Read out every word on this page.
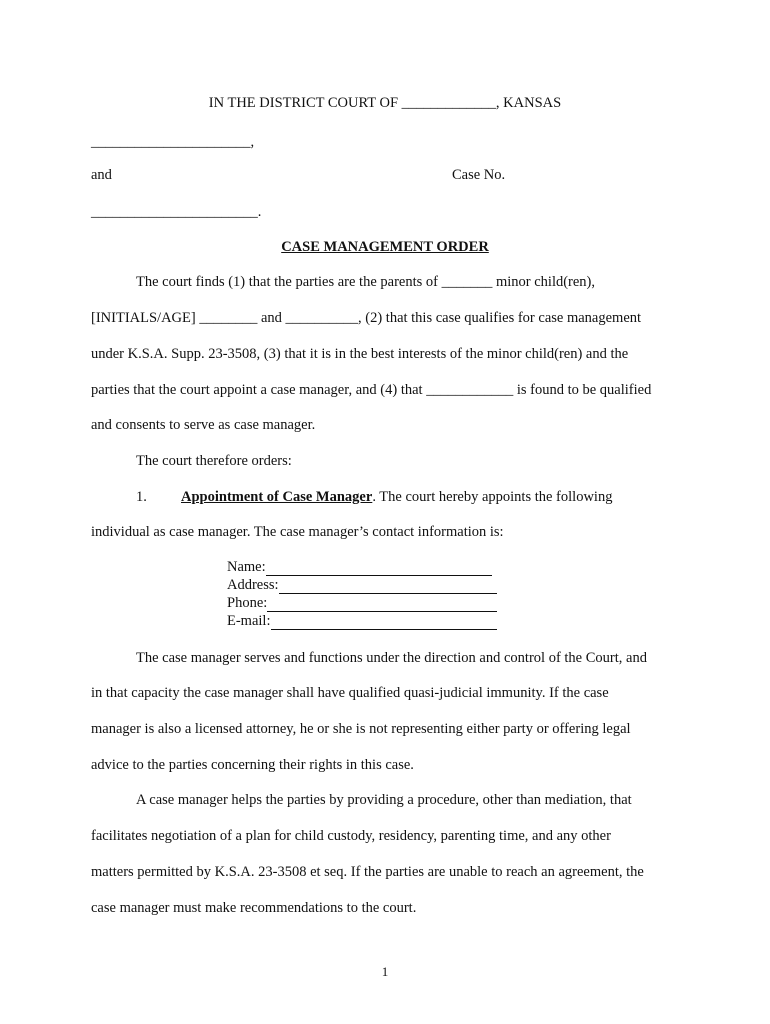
IN THE DISTRICT COURT OF _____________, KANSAS
______________________,
and	Case No.
_______________________.
CASE MANAGEMENT ORDER
The court finds (1) that the parties are the parents of _______ minor child(ren),
[INITIALS/AGE] ________ and __________, (2) that this case qualifies for case management
under K.S.A. Supp. 23-3508, (3) that it is in the best interests of the minor child(ren) and the
parties that the court appoint a case manager, and (4) that ____________ is found to be qualified
and consents to serve as case manager.
The court therefore orders:
1. Appointment of Case Manager. The court hereby appoints the following
individual as case manager. The case manager’s contact information is:
Name:
Address:
Phone:
E-mail:
The case manager serves and functions under the direction and control of the Court, and
in that capacity the case manager shall have qualified quasi-judicial immunity. If the case
manager is also a licensed attorney, he or she is not representing either party or offering legal
advice to the parties concerning their rights in this case.
A case manager helps the parties by providing a procedure, other than mediation, that
facilitates negotiation of a plan for child custody, residency, parenting time, and any other
matters permitted by K.S.A. 23-3508 et seq. If the parties are unable to reach an agreement, the
case manager must make recommendations to the court.
1
